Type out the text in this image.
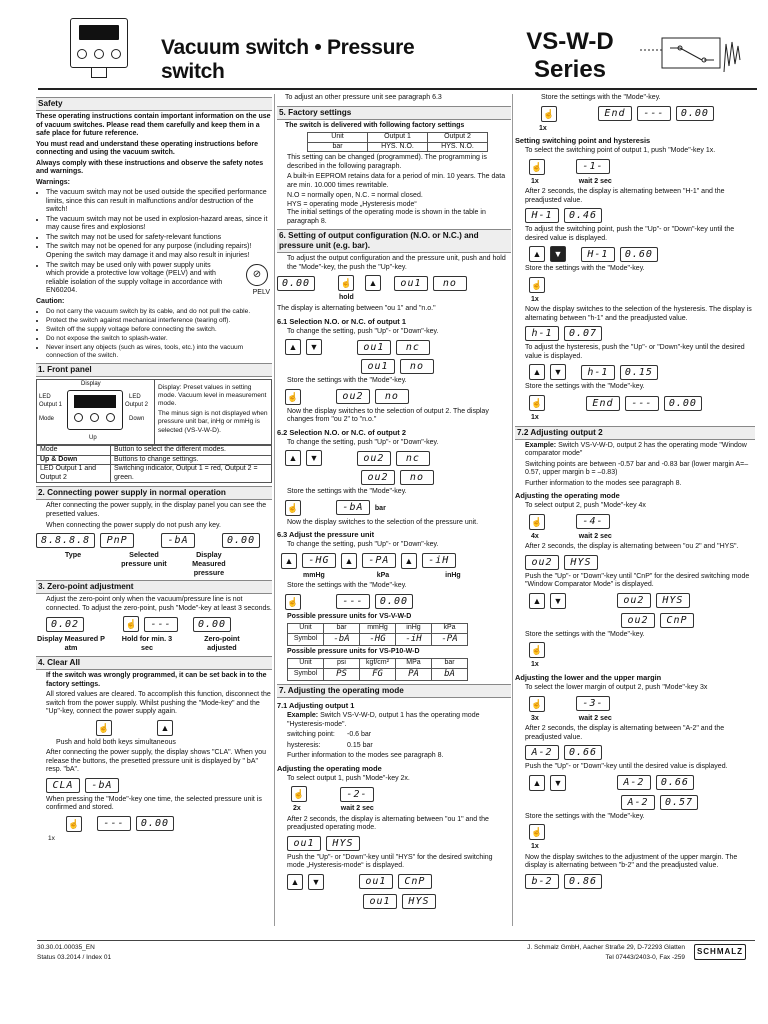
Vacuum switch • Pressure switch
VS-W-D Series
Safety

These operating instructions contain important information on the use of vacuum switches. Please read them carefully and keep them in a safe place for future reference.

You must read and understand these operating instructions before connecting and using the vacuum switch.

Always comply with these instructions and observe the safety notes and warnings.

Warnings:

• The vacuum switch may not be used outside the specified performance limits, since this can result in malfunctions and/or destruction of the switch!
• The vacuum switch may not be used in explosion-hazard areas, since it may cause fires and explosions!
• The switch may not be used for safety-relevant functions
• The switch may not be opened for any purpose (including repairs)! Opening the switch may damage it and may also result in injuries!
• The switch may be used only with power supply units which provide a protective low voltage (PELV) and with reliable isolation of the supply voltage in accordance with EN60204.
⊘
PELV

Caution:

• Do not carry the vacuum switch by its cable, and do not pull the cable.
• Protect the switch against mechanical interference (tearing off).
• Switch off the supply voltage before connecting the switch.
• Do not expose the switch to splash-water.
• Never insert any objects (such as wires, tools, etc.) into the vacuum connection of the switch.
1. Front panel
Display
LED
Output 1
Mode
LED
Output 2
Down
Up

Display: Preset values in setting mode. Vacuum level in measurement mode.

The minus sign is not displayed when pressure unit bar, inHg or mmHg is selected (VS-V-W-D).

Mode	Button to select the different modes.
Up & Down	Buttons to change settings.
LED Output 1 and Output 2	Switching indicator, Output 1 = red, Output 2 = green.
2. Connecting power supply in normal operation

After connecting the power supply, in the display panel you can see the presetted values.

When connecting the power supply do not push any key.

8.8.8.8 PnP	-bA	0.00
Type	Selected pressure unit Display Measured pressure
3. Zero-point adjustment

Adjust the zero-point only when the vacuum/pressure line is not connected. To adjust the zero-point, push "Mode"-key at least 3 seconds.

0.02	☝ ---	0.00
Display Measured P atm Hold for min. 3 sec Zero-point adjusted
4. Clear All

If the switch was wrongly programmed, it can be set back in to the factory settings.

All stored values are cleared. To accomplish this function, disconnect the switch from the power supply. Whilst pushing the "Mode-key" and the "Up"-key, connect the power supply again.

☝	▲

Push and hold both keys simultaneous

After connecting the power supply, the display shows "CLA". When you release the buttons, the presetted pressure unit is displayed by " bA" resp. "bA".

CLA -bA

When pressing the "Mode"-key one time, the selected pressure unit is confirmed and stored.

☝ --- 0.00
1x

To adjust an other pressure unit see paragraph 6.3

5. Factory settings

The switch is delivered with following factory settings

Unit	Output 1	Output 2
bar	HYS. N.O.	HYS. N.O.

This setting can be changed (programmed). The programming is described in the following paragraph.

A built-in EEPROM retains data for a period of min. 10 years. The data are min. 10.000 times rewritable.

N.O = normally open, N.C. = normal closed.

HYS = operating mode „Hysteresis mode“

The initial settings of the operating mode is shown in the table in paragraph 8.

6. Setting of output configuration (N.O. or N.C.) and pressure unit (e.g. bar).

To adjust the output configuration and the pressure unit, push and hold the "Mode"-key, the push the "Up"-key.

0.00	☝ ▲ ou1 no
hold

The display is alternating between "ou 1" and "n.o."

6.1 Selection N.O. or N.C. of output 1

To change the setting, push "Up"- or "Down"-key.

▲ ▼	ou1 nc
ou1 no

Store the settings with the "Mode"-key.

☝	ou2 no

Now the display switches to the selection of output 2. The display changes from "ou 2" to "n.o."

6.2 Selection N.O. or N.C. of output 2

To change the setting, push "Up"- or "Down"-key.

▲ ▼	ou2 nc
ou2 no

Store the settings with the "Mode"-key.

☝	-bA bar

Now the display switches to the selection of the pressure unit.

6.3 Adjust the pressure unit

To change the setting, push "Up"- or "Down"-key.

▲ -HG ▲ -PA ▲ -iH
mmHg	kPa	inHg

Store the settings with the "Mode"-key.

☝	--- 0.00

Possible pressure units for VS-V-W-D

Unit	bar	mmHg	inHg	kPa
Symbol	-bA	-HG	-iH	-PA

Possible pressure units for VS-P10-W-D

Unit	psi	kgf/cm²	MPa	bar
Symbol	PS	FG	PA	bA
7. Adjusting the operating mode
7.1 Adjusting output 1

Example: Switch VS-V-W-D, output 1 has the operating mode "Hysteresis-mode".

switching point: -0.6 bar
hysteresis:	0.15 bar

Further information to the modes see paragraph 8.

Adjusting the operating mode

To select output 1, push "Mode"-key 2x.

☝	-2-
2x	wait 2 sec

After 2 seconds, the display is alternating between "ou 1" and the preadjusted operating mode.

ou1 HYS

Push the "Up"- or "Down"-key until "HYS" for the desired switching mode „Hysteresis-mode“ is displayed.

▲ ▼	ou1 CnP
ou1 HYS

Store the settings with the "Mode"-key.

☝	End --- 0.00
1x
Setting switching point and hysteresis

To select the switching point of output 1, push "Mode"-key 1x.

☝	-1-
1x	wait 2 sec

After 2 seconds, the display is alternating between "H-1" and the preadjusted value.

H-1 0.46

To adjust the switching point, push the "Up"- or "Down"-key until the desired value is displayed.

▲ ▼ H-1 0.60

Store the settings with the "Mode"-key.

☝
1x

Now the display switches to the selection of the hysteresis. The display is alternating between "h-1" and the preadjusted value.

h-1 0.07

To adjust the hysteresis, push the "Up"- or "Down"-key until the desired value is displayed.

▲ ▼ h-1 0.15

Store the settings with the "Mode"-key.

☝	End --- 0.00
1x
7.2 Adjusting output 2

Example: Switch VS-V-W-D, output 2 has the operating mode "Window comparator mode"

Switching points are between -0.57 bar and -0.83 bar (lower margin A=–0.57, upper margin b = –0.83)

Further information to the modes see paragraph 8.

Adjusting the operating mode

To select output 2, push "Mode"-key 4x

☝	-4-
4x	wait 2 sec

After 2 seconds, the display is alternating between "ou 2" and "HYS".

ou2 HYS

Push the "Up"- or "Down"-key until "CnP" for the desired switching mode "Window Comparator Mode" is displayed.

▲ ▼	ou2 HYS
ou2 CnP

Store the settings with the "Mode"-key.

☝
1x
Adjusting the lower and the upper margin

To select the lower margin of output 2, push "Mode"-key 3x

☝	-3-
3x	wait 2 sec

After 2 seconds, the display is alternating between "A-2" and the preadjusted value.

A-2 0.66

Push the "Up"- or "Down"-key until the desired value is displayed.

▲ ▼	A-2 0.66
A-2 0.57

Store the settings with the "Mode"-key.

☝
1x

Now the display switches to the adjustment of the upper margin. The display is alternating between "b-2" and the preadjusted value.

b-2 0.86
30.30.01.00035_EN
Status 03.2014 / Index 01
J. Schmalz GmbH, Aacher Straße 29, D-72293 Glatten
Tel 07443/2403-0, Fax -259
SCHMALZ
